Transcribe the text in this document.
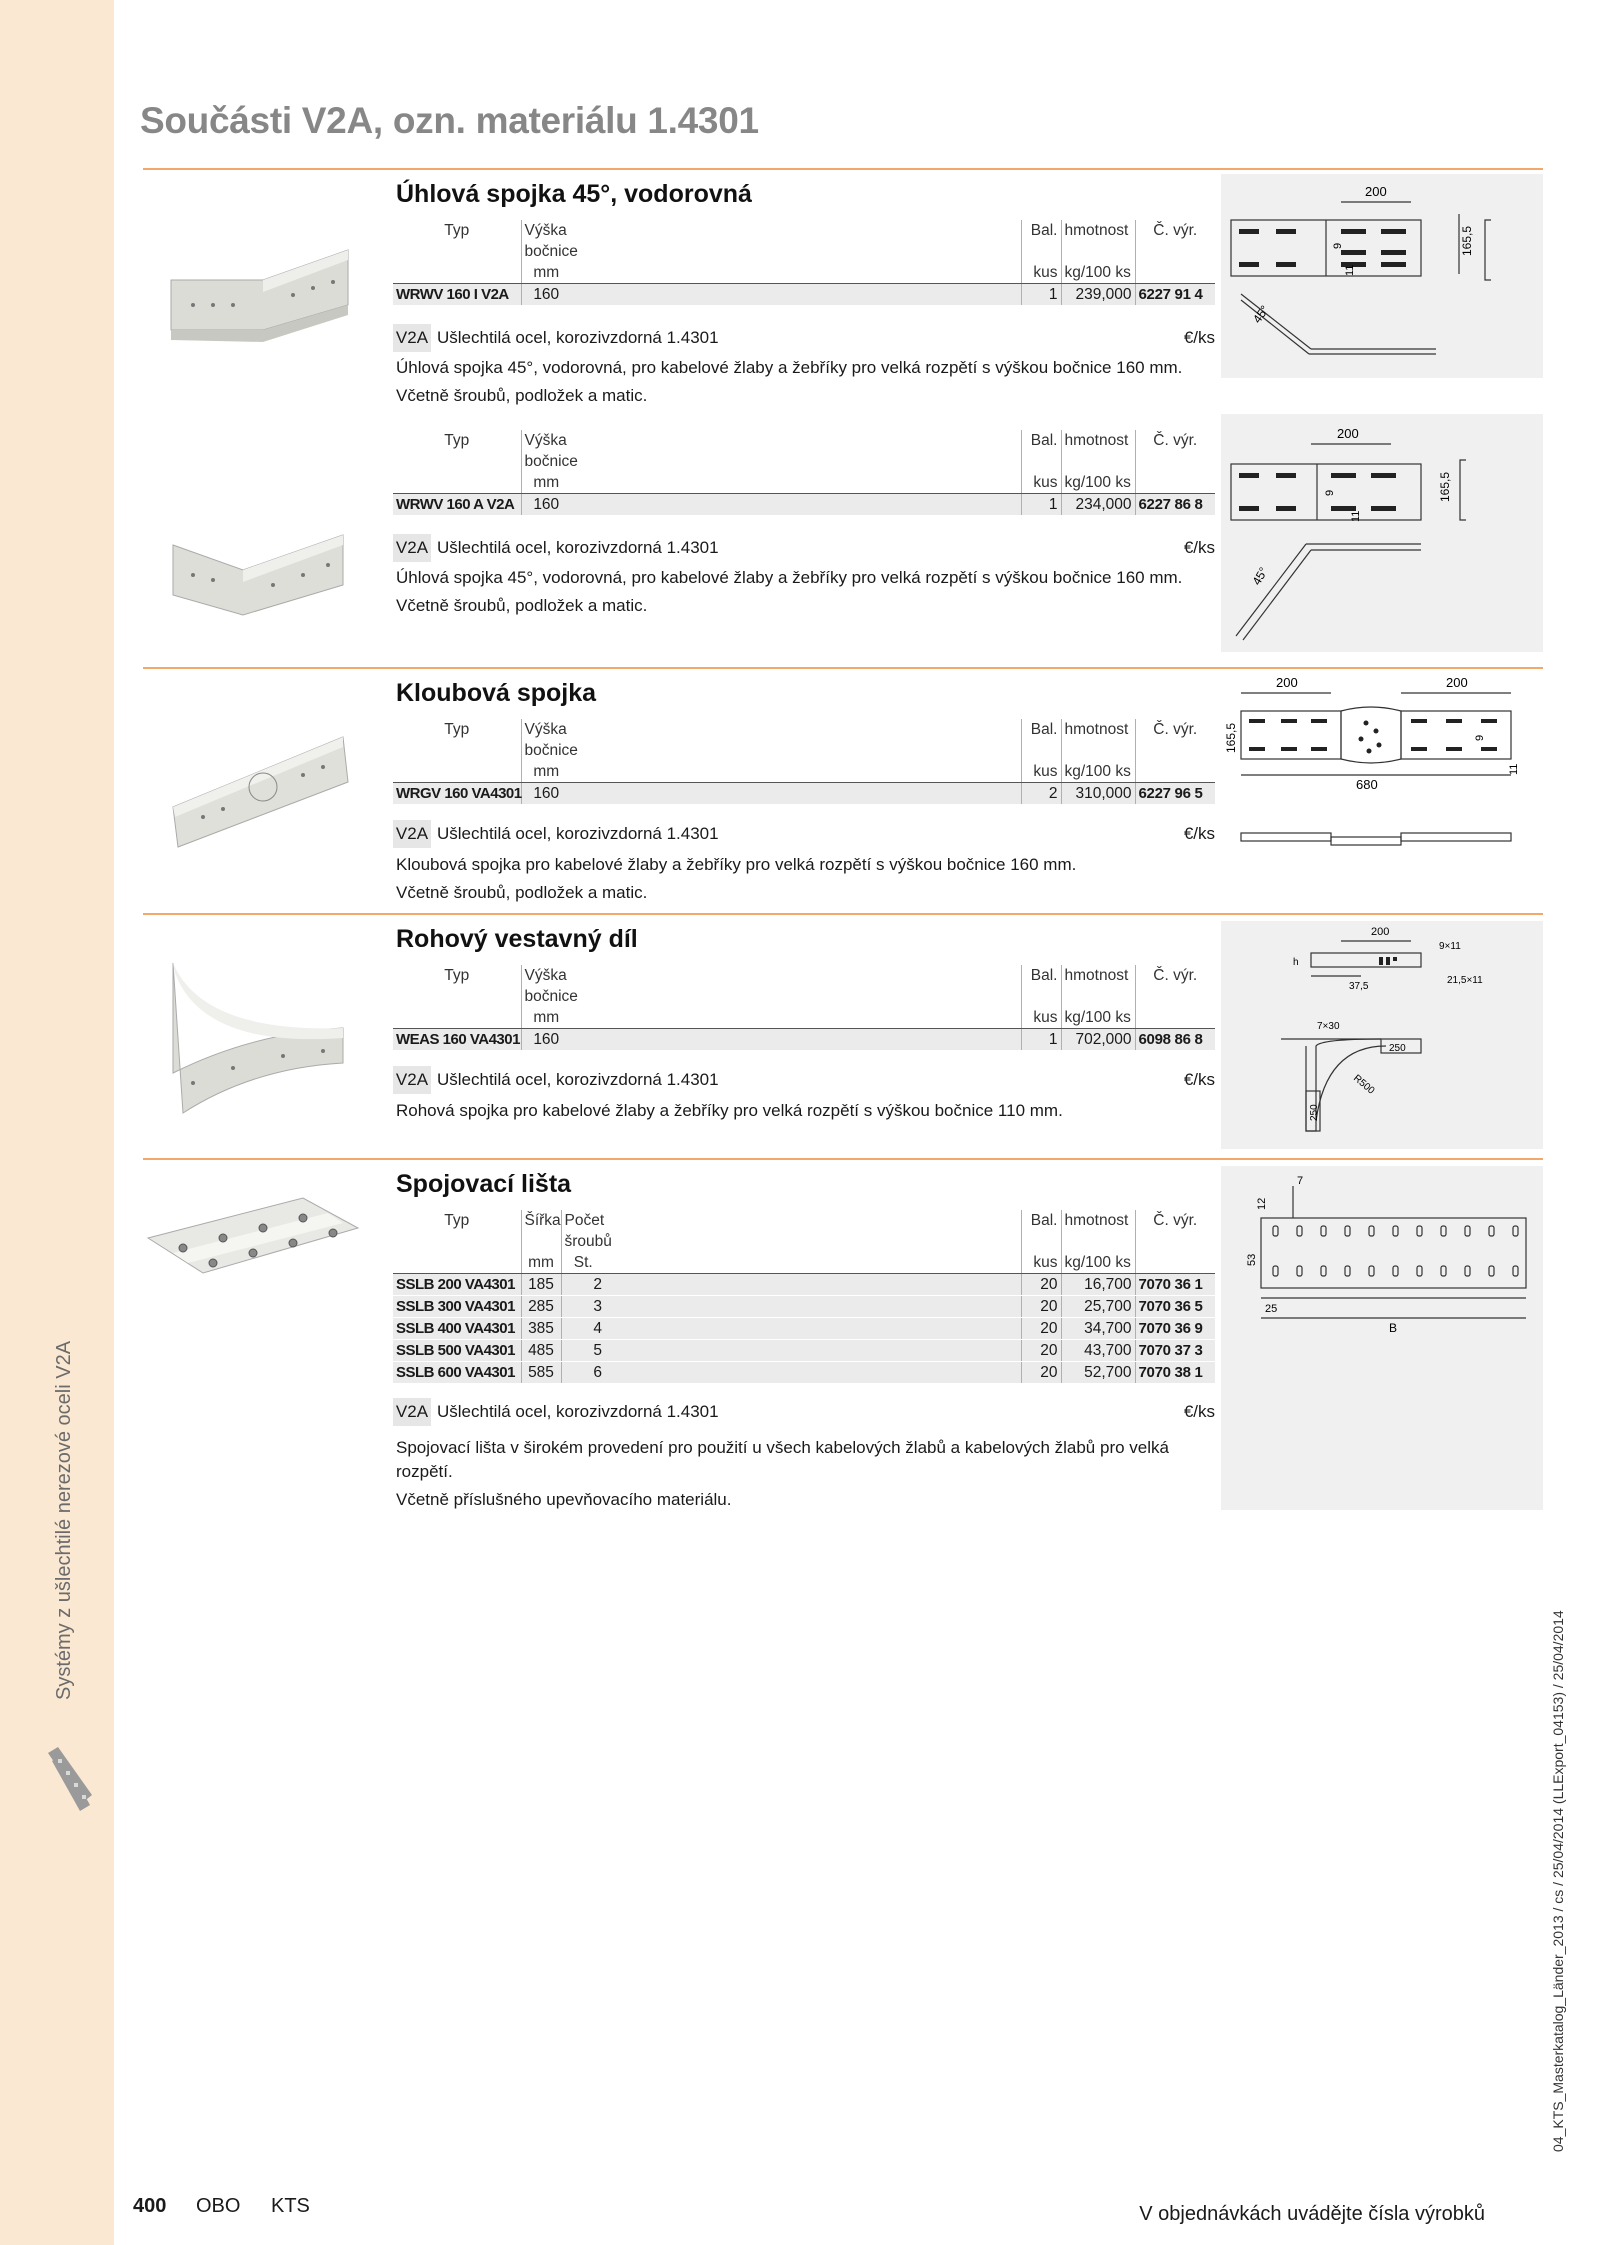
Systémy z ušlechtilé nerezové oceli V2A
04_KTS_Masterkatalog_Länder_2013 / cs / 25/04/2014 (LLExport_04153) / 25/04/2014
Součásti V2A, ozn. materiálu 1.4301
Úhlová spojka 45°, vodorovná
Typ	Výška		Bal.	hmotnost	Č. výr.
	bočnice				
	mm		kus	kg/100 ks	
WRWV 160 I V2A	160		1	239,000	6227 91 4
V2A Ušlechtilá ocel, korozivzdorná 1.4301	€/ks

Úhlová spojka 45°, vodorovná, pro kabelové žlaby a žebříky pro velká rozpětí s výškou bočnice 160 mm.

Včetně šroubů, podložek a matic.

200
165,5
9
11
45°
Typ	Výška		Bal.	hmotnost	Č. výr.
	bočnice				
	mm		kus	kg/100 ks	
WRWV 160 A V2A	160		1	234,000	6227 86 8
V2A Ušlechtilá ocel, korozivzdorná 1.4301	€/ks

Úhlová spojka 45°, vodorovná, pro kabelové žlaby a žebříky pro velká rozpětí s výškou bočnice 160 mm.

Včetně šroubů, podložek a matic.

200
165,5
9
11
45°
Kloubová spojka
Typ	Výška		Bal.	hmotnost	Č. výr.
	bočnice				
	mm		kus	kg/100 ks	
WRGV 160 VA4301	160		2	310,000	6227 96 5
V2A Ušlechtilá ocel, korozivzdorná 1.4301	€/ks

Kloubová spojka pro kabelové žlaby a žebříky pro velká rozpětí s výškou bočnice 160 mm.

Včetně šroubů, podložek a matic.

200	200
165,5	9
11
680
Rohový vestavný díl
Typ	Výška		Bal.	hmotnost	Č. výr.
	bočnice				
	mm		kus	kg/100 ks	
WEAS 160 VA4301	160		1	702,000	6098 86 8
V2A Ušlechtilá ocel, korozivzdorná 1.4301	€/ks

Rohová spojka pro kabelové žlaby a žebříky pro velká rozpětí s výškou bočnice 110 mm.

200
9×11
37,5
21,5×11
h
7×30
250
R500
250
Spojovací lišta
Typ	Šířka	Počet		Bal.	hmotnost	Č. výr.
		šroubů				
	mm	St.		kus	kg/100 ks	
SSLB 200 VA4301	185	2		20	16,700	7070 36 1
SSLB 300 VA4301	285	3		20	25,700	7070 36 5
SSLB 400 VA4301	385	4		20	34,700	7070 36 9
SSLB 500 VA4301	485	5		20	43,700	7070 37 3
SSLB 600 VA4301	585	6		20	52,700	7070 38 1
V2A Ušlechtilá ocel, korozivzdorná 1.4301	€/ks

Spojovací lišta v širokém provedení pro použití u všech kabelových žlabů a kabelových žlabů pro velká rozpětí.

Včetně příslušného upevňovacího materiálu.

7
12
53
25
B
400 OBO KTS	V objednávkách uvádějte čísla výrobků
